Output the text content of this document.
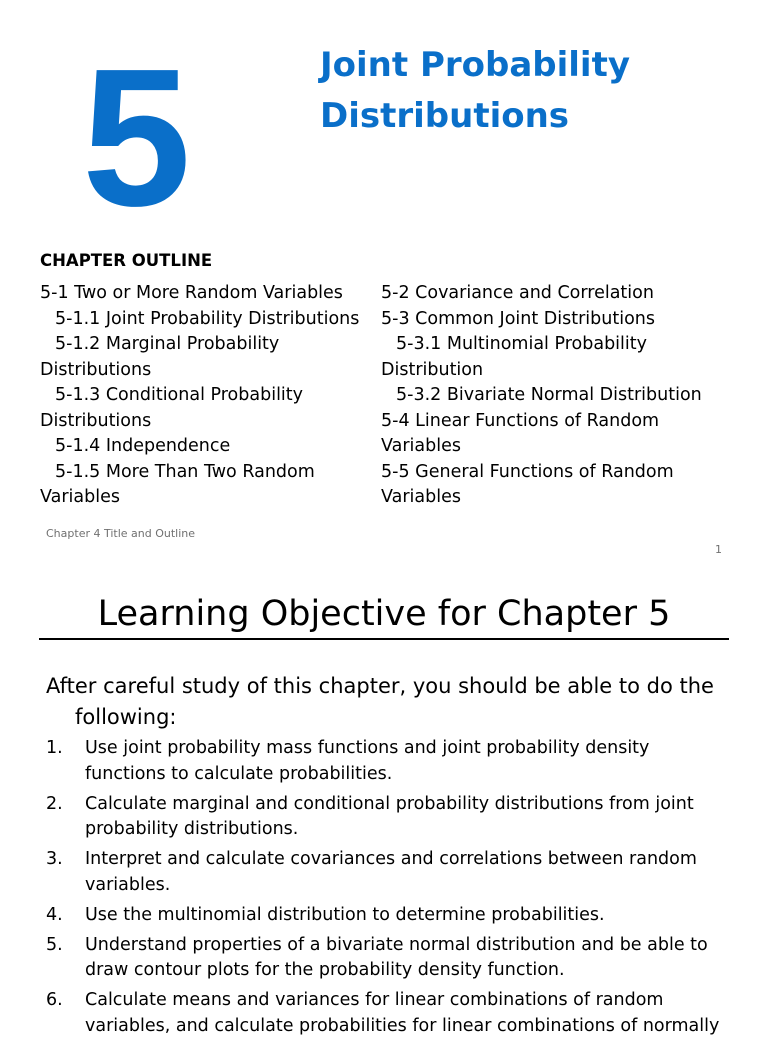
5	Joint Probability
Distributions
CHAPTER OUTLINE
5-1 Two or More Random Variables
5-1.1 Joint Probability Distributions
5-1.2 Marginal Probability Distributions
5-1.3 Conditional Probability Distributions
5-1.4 Independence
5-1.5 More Than Two Random Variables
5-2 Covariance and Correlation
5-3 Common Joint Distributions
5-3.1 Multinomial Probability Distribution
5-3.2 Bivariate Normal Distribution
5-4 Linear Functions of Random Variables
5-5 General Functions of Random Variables
Chapter 4 Title and Outline
1
Learning Objective for Chapter 5

After careful study of this chapter, you should be able to do the following:

1. Use joint probability mass functions and joint probability density functions to calculate probabilities.
2. Calculate marginal and conditional probability distributions from joint probability distributions.
3. Interpret and calculate covariances and correlations between random variables.
4. Use the multinomial distribution to determine probabilities.
5. Understand properties of a bivariate normal distribution and be able to draw contour plots for the probability density function.
6. Calculate means and variances for linear combinations of random variables, and calculate probabilities for linear combinations of normally
